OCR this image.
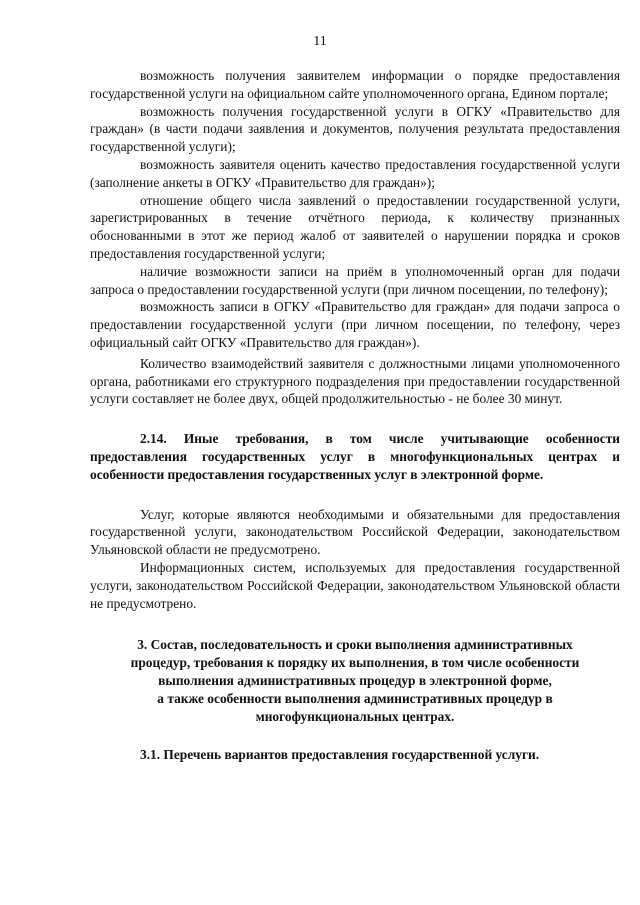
11

возможность получения заявителем информации о порядке предоставления государственной услуги на официальном сайте уполномоченного органа, Едином портале;

возможность получения государственной услуги в ОГКУ «Правительство для граждан» (в части подачи заявления и документов, получения результата предоставления государственной услуги);

возможность заявителя оценить качество предоставления государственной услуги (заполнение анкеты в ОГКУ «Правительство для граждан»);

отношение общего числа заявлений о предоставлении государственной услуги, зарегистрированных в течение отчётного периода, к количеству признанных обоснованными в этот же период жалоб от заявителей о нарушении порядка и сроков предоставления государственной услуги;

наличие возможности записи на приём в уполномоченный орган для подачи запроса о предоставлении государственной услуги (при личном посещении, по телефону);

возможность записи в ОГКУ «Правительство для граждан» для подачи запроса о предоставлении государственной услуги (при личном посещении, по телефону, через официальный сайт ОГКУ «Правительство для граждан»).

Количество взаимодействий заявителя с должностными лицами уполномоченного органа, работниками его структурного подразделения при предоставлении государственной услуги составляет не более двух, общей продолжительностью - не более 30 минут.

2.14. Иные требования, в том числе учитывающие особенности предоставления государственных услуг в многофункциональных центрах и особенности предоставления государственных услуг в электронной форме.

Услуг, которые являются необходимыми и обязательными для предоставления государственной услуги, законодательством Российской Федерации, законодательством Ульяновской области не предусмотрено.

Информационных систем, используемых для предоставления государственной услуги, законодательством Российской Федерации, законодательством Ульяновской области не предусмотрено.

3. Состав, последовательность и сроки выполнения административных

процедур, требования к порядку их выполнения, в том числе особенности

выполнения административных процедур в электронной форме,

а также особенности выполнения административных процедур в

многофункциональных центрах.

3.1. Перечень вариантов предоставления государственной услуги.
